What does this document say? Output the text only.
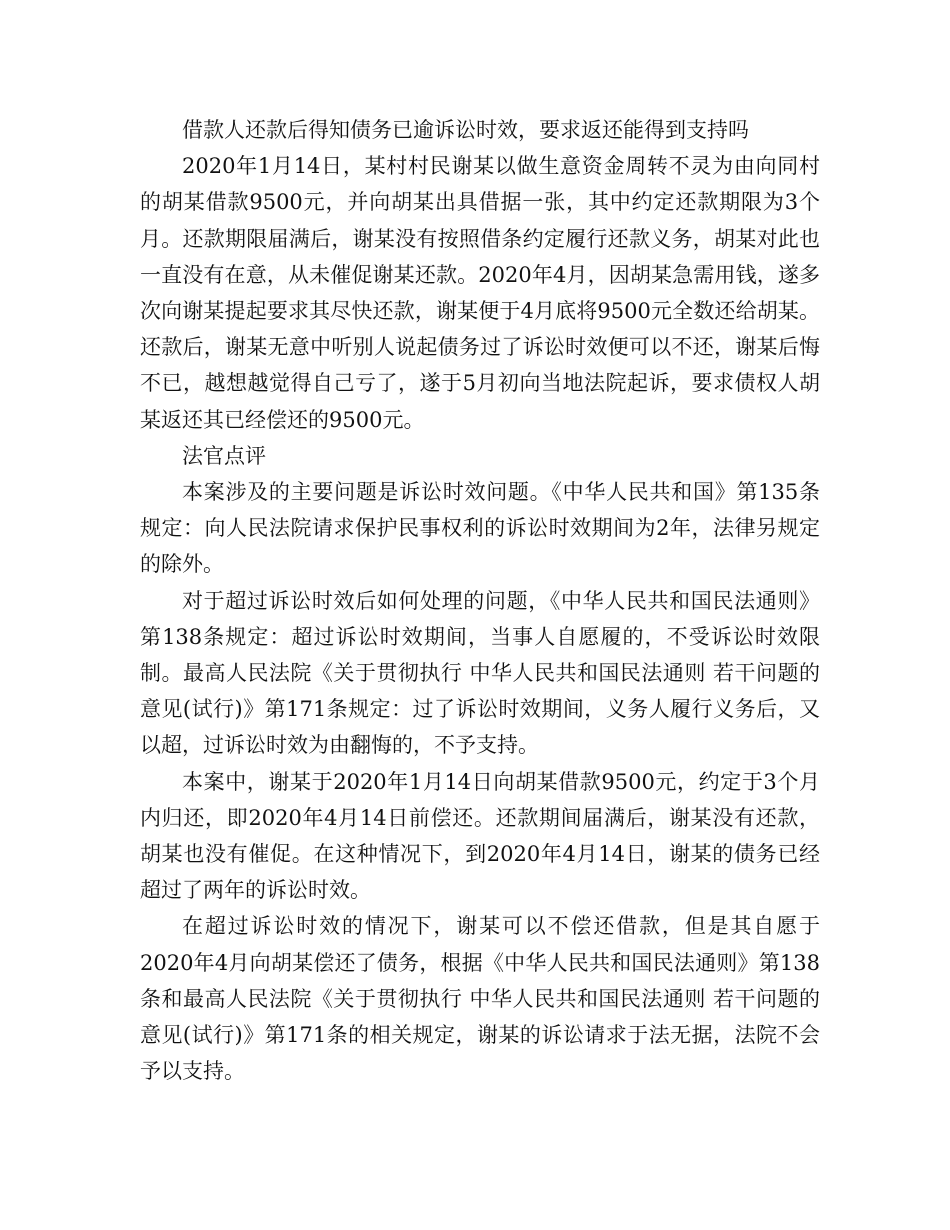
借款人还款后得知债务已逾诉讼时效，要求返还能得到支持吗

2020年1月14日，某村村民谢某以做生意资金周转不灵为由向同村的胡某借款9500元，并向胡某出具借据一张，其中约定还款期限为3个月。还款期限届满后，谢某没有按照借条约定履行还款义务，胡某对此也一直没有在意，从未催促谢某还款。2020年4月，因胡某急需用钱，遂多次向谢某提起要求其尽快还款，谢某便于4月底将9500元全数还给胡某。还款后，谢某无意中听别人说起债务过了诉讼时效便可以不还，谢某后悔不已，越想越觉得自己亏了，遂于5月初向当地法院起诉，要求债权人胡某返还其已经偿还的9500元。

法官点评

本案涉及的主要问题是诉讼时效问题。《中华人民共和国》第135条规定：向人民法院请求保护民事权利的诉讼时效期间为2年，法律另规定的除外。

对于超过诉讼时效后如何处理的问题，《中华人民共和国民法通则》第138条规定：超过诉讼时效期间，当事人自愿履的，不受诉讼时效限制。最高人民法院《关于贯彻执行 中华人民共和国民法通则 若干问题的意见(试行)》第171条规定：过了诉讼时效期间，义务人履行义务后，又以超，过诉讼时效为由翻悔的，不予支持。

本案中，谢某于2020年1月14日向胡某借款9500元，约定于3个月内归还，即2020年4月14日前偿还。还款期间届满后，谢某没有还款，胡某也没有催促。在这种情况下，到2020年4月14日，谢某的债务已经超过了两年的诉讼时效。

在超过诉讼时效的情况下，谢某可以不偿还借款，但是其自愿于2020年4月向胡某偿还了债务，根据《中华人民共和国民法通则》第138条和最高人民法院《关于贯彻执行 中华人民共和国民法通则 若干问题的意见(试行)》第171条的相关规定，谢某的诉讼请求于法无据，法院不会予以支持。
